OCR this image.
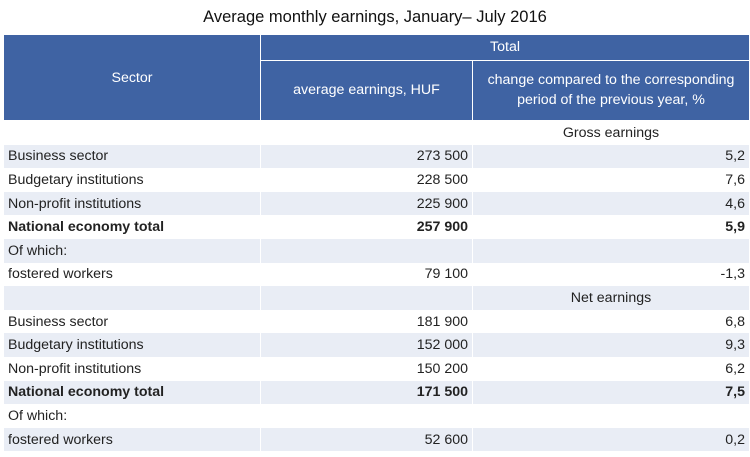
Average monthly earnings, January– July 2016
Sector	Total	
	average earnings, HUF	change compared to the corresponding
period of the previous year, %
		Gross earnings
Business sector	273 500	5,2
Budgetary institutions	228 500	7,6
Non-profit institutions	225 900	4,6
National economy total	257 900	5,9
Of which:		
fostered workers	79 100	-1,3
		Net earnings
Business sector	181 900	6,8
Budgetary institutions	152 000	9,3
Non-profit institutions	150 200	6,2
National economy total	171 500	7,5
Of which:		
fostered workers	52 600	0,2
